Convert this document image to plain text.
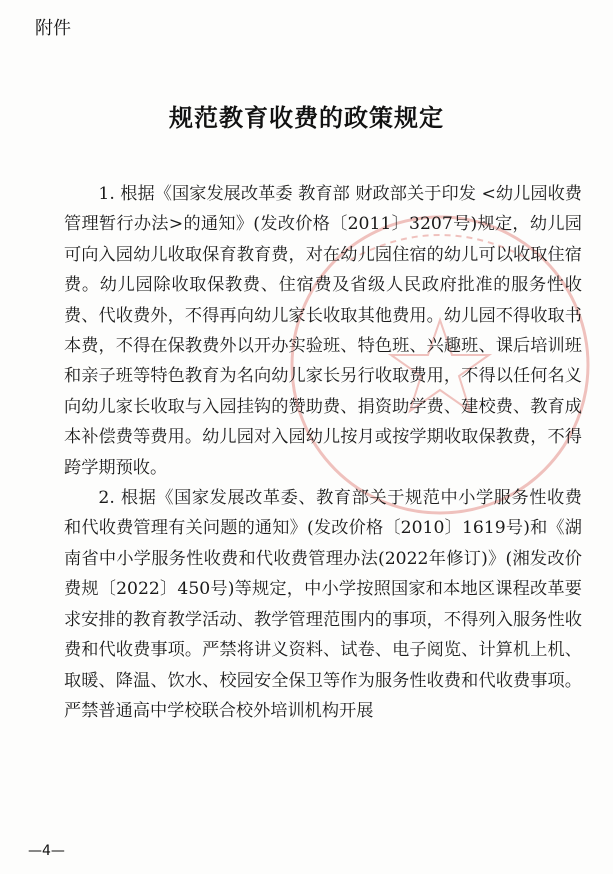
附件
规范教育收费的政策规定

1. 根据《国家发展改革委 教育部 财政部关于印发 <幼儿园收费管理暂行办法>的通知》(发改价格〔2011〕3207号)规定，幼儿园可向入园幼儿收取保育教育费，对在幼儿园住宿的幼儿可以收取住宿费。幼儿园除收取保教费、住宿费及省级人民政府批准的服务性收费、代收费外，不得再向幼儿家长收取其他费用。幼儿园不得收取书本费，不得在保教费外以开办实验班、特色班、兴趣班、课后培训班和亲子班等特色教育为名向幼儿家长另行收取费用，不得以任何名义向幼儿家长收取与入园挂钩的赞助费、捐资助学费、建校费、教育成本补偿费等费用。幼儿园对入园幼儿按月或按学期收取保教费，不得跨学期预收。

2. 根据《国家发展改革委、教育部关于规范中小学服务性收费和代收费管理有关问题的通知》(发改价格〔2010〕1619号)和《湖南省中小学服务性收费和代收费管理办法(2022年修订)》(湘发改价费规〔2022〕450号)等规定，中小学按照国家和本地区课程改革要求安排的教育教学活动、教学管理范围内的事项，不得列入服务性收费和代收费事项。严禁将讲义资料、试卷、电子阅览、计算机上机、取暖、降温、饮水、校园安全保卫等作为服务性收费和代收费事项。严禁普通高中学校联合校外培训机构开展

—4—
